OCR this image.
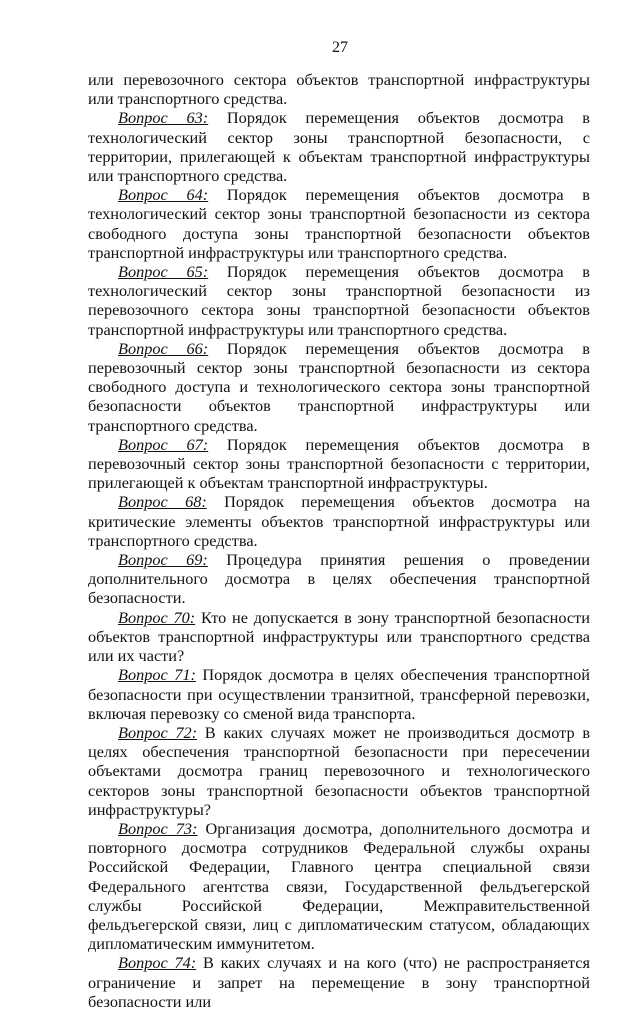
27

или перевозочного сектора объектов транспортной инфраструктуры или транспортного средства.

Вопрос 63: Порядок перемещения объектов досмотра в технологический сектор зоны транспортной безопасности, с территории, прилегающей к объектам транспортной инфраструктуры или транспортного средства.

Вопрос 64: Порядок перемещения объектов досмотра в технологический сектор зоны транспортной безопасности из сектора свободного доступа зоны транспортной безопасности объектов транспортной инфраструктуры или транспортного средства.

Вопрос 65: Порядок перемещения объектов досмотра в технологический сектор зоны транспортной безопасности из перевозочного сектора зоны транспортной безопасности объектов транспортной инфраструктуры или транспортного средства.

Вопрос 66: Порядок перемещения объектов досмотра в перевозочный сектор зоны транспортной безопасности из сектора свободного доступа и технологического сектора зоны транспортной безопасности объектов транспортной инфраструктуры или транспортного средства.

Вопрос 67: Порядок перемещения объектов досмотра в перевозочный сектор зоны транспортной безопасности с территории, прилегающей к объектам транспортной инфраструктуры.

Вопрос 68: Порядок перемещения объектов досмотра на критические элементы объектов транспортной инфраструктуры или транспортного средства.

Вопрос 69: Процедура принятия решения о проведении дополнительного досмотра в целях обеспечения транспортной безопасности.

Вопрос 70: Кто не допускается в зону транспортной безопасности объектов транспортной инфраструктуры или транспортного средства или их части?

Вопрос 71: Порядок досмотра в целях обеспечения транспортной безопасности при осуществлении транзитной, трансферной перевозки, включая перевозку со сменой вида транспорта.

Вопрос 72: В каких случаях может не производиться досмотр в целях обеспечения транспортной безопасности при пересечении объектами досмотра границ перевозочного и технологического секторов зоны транспортной безопасности объектов транспортной инфраструктуры?

Вопрос 73: Организация досмотра, дополнительного досмотра и повторного досмотра сотрудников Федеральной службы охраны Российской Федерации, Главного центра специальной связи Федерального агентства связи, Государственной фельдъегерской службы Российской Федерации, Межправительственной фельдъегерской связи, лиц с дипломатическим статусом, обладающих дипломатическим иммунитетом.

Вопрос 74: В каких случаях и на кого (что) не распространяется ограничение и запрет на перемещение в зону транспортной безопасности или
